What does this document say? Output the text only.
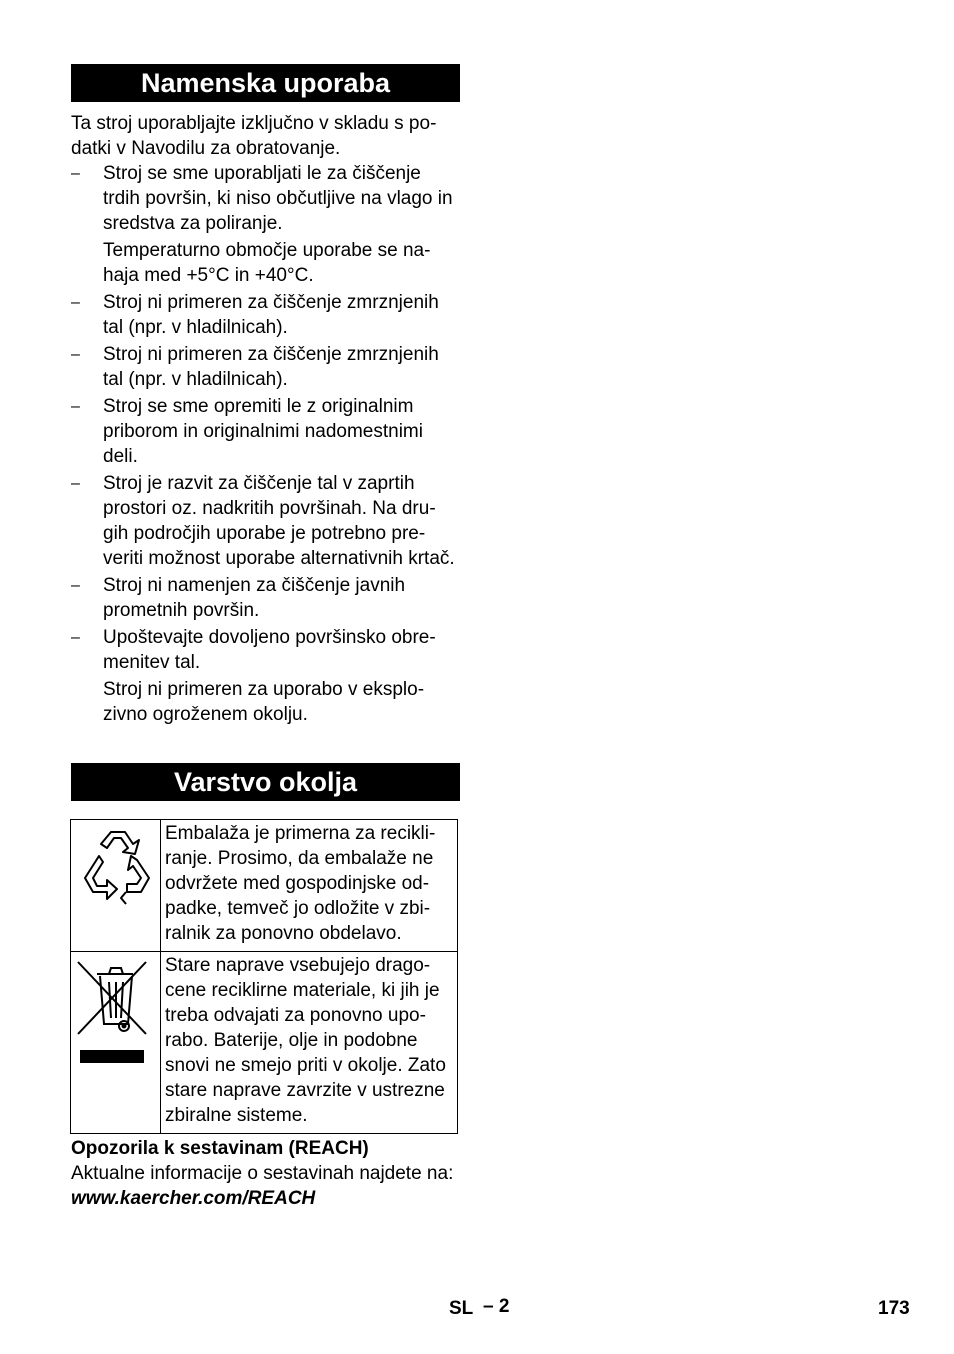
Namenska uporaba

Ta stroj uporabljajte izključno v skladu s po-datki v Navodilu za obratovanje.

– Stroj se sme uporabljati le za čiščenje trdih površin, ki niso občutljive na vlago in sredstva za poliranje.
Temperaturno območje uporabe se na-haja med +5°C in +40°C.
– Stroj ni primeren za čiščenje zmrznjenih tal (npr. v hladilnicah).
– Stroj ni primeren za čiščenje zmrznjenih tal (npr. v hladilnicah).
– Stroj se sme opremiti le z originalnim priborom in originalnimi nadomestnimi deli.
– Stroj je razvit za čiščenje tal v zaprtih prostori oz. nadkritih površinah. Na dru-gih področjih uporabe je potrebno pre-veriti možnost uporabe alternativnih krtač.
– Stroj ni namenjen za čiščenje javnih prometnih površin.
– Upoštevajte dovoljeno površinsko obre-menitev tal.
Stroj ni primeren za uporabo v eksplo-zivno ogroženem okolju.
Varstvo okolja
	Embalaža je primerna za recikli-ranje. Prosimo, da embalaže ne odvržete med gospodinjske od-padke, temveč jo odložite v zbi-ralnik za ponovno obdelavo.
	Stare naprave vsebujejo drago-cene reciklirne materiale, ki jih je treba odvajati za ponovno upo-rabo. Baterije, olje in podobne snovi ne smejo priti v okolje. Zato stare naprave zavrzite v ustrezne zbiralne sisteme.
Opozorila k sestavinam (REACH)
Aktualne informacije o sestavinah najdete na:
www.kaercher.com/REACH
SL – 2	173
